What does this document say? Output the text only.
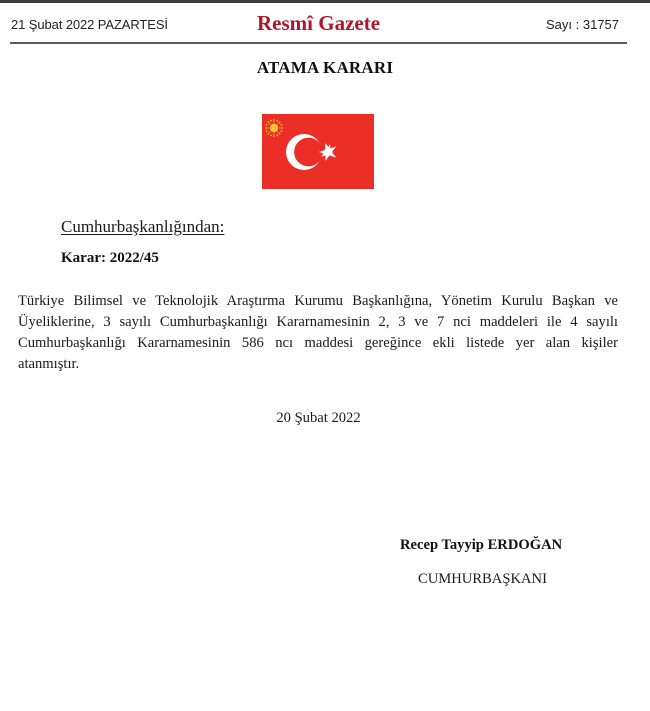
21 Şubat 2022 PAZARTESİ	Resmî Gazete	Sayı : 31757
ATAMA KARARI
Cumhurbaşkanlığından:
Karar: 2022/45
Türkiye Bilimsel ve Teknolojik Araştırma Kurumu Başkanlığına, Yönetim Kurulu Başkan ve
Üyeliklerine, 3 sayılı Cumhurbaşkanlığı Kararnamesinin 2, 3 ve 7 nci maddeleri ile 4 sayılı
Cumhurbaşkanlığı Kararnamesinin 586 ncı maddesi gereğince ekli listede yer alan kişiler
atanmıştır.
20 Şubat 2022
Recep Tayyip ERDOĞAN
CUMHURBAŞKANI
